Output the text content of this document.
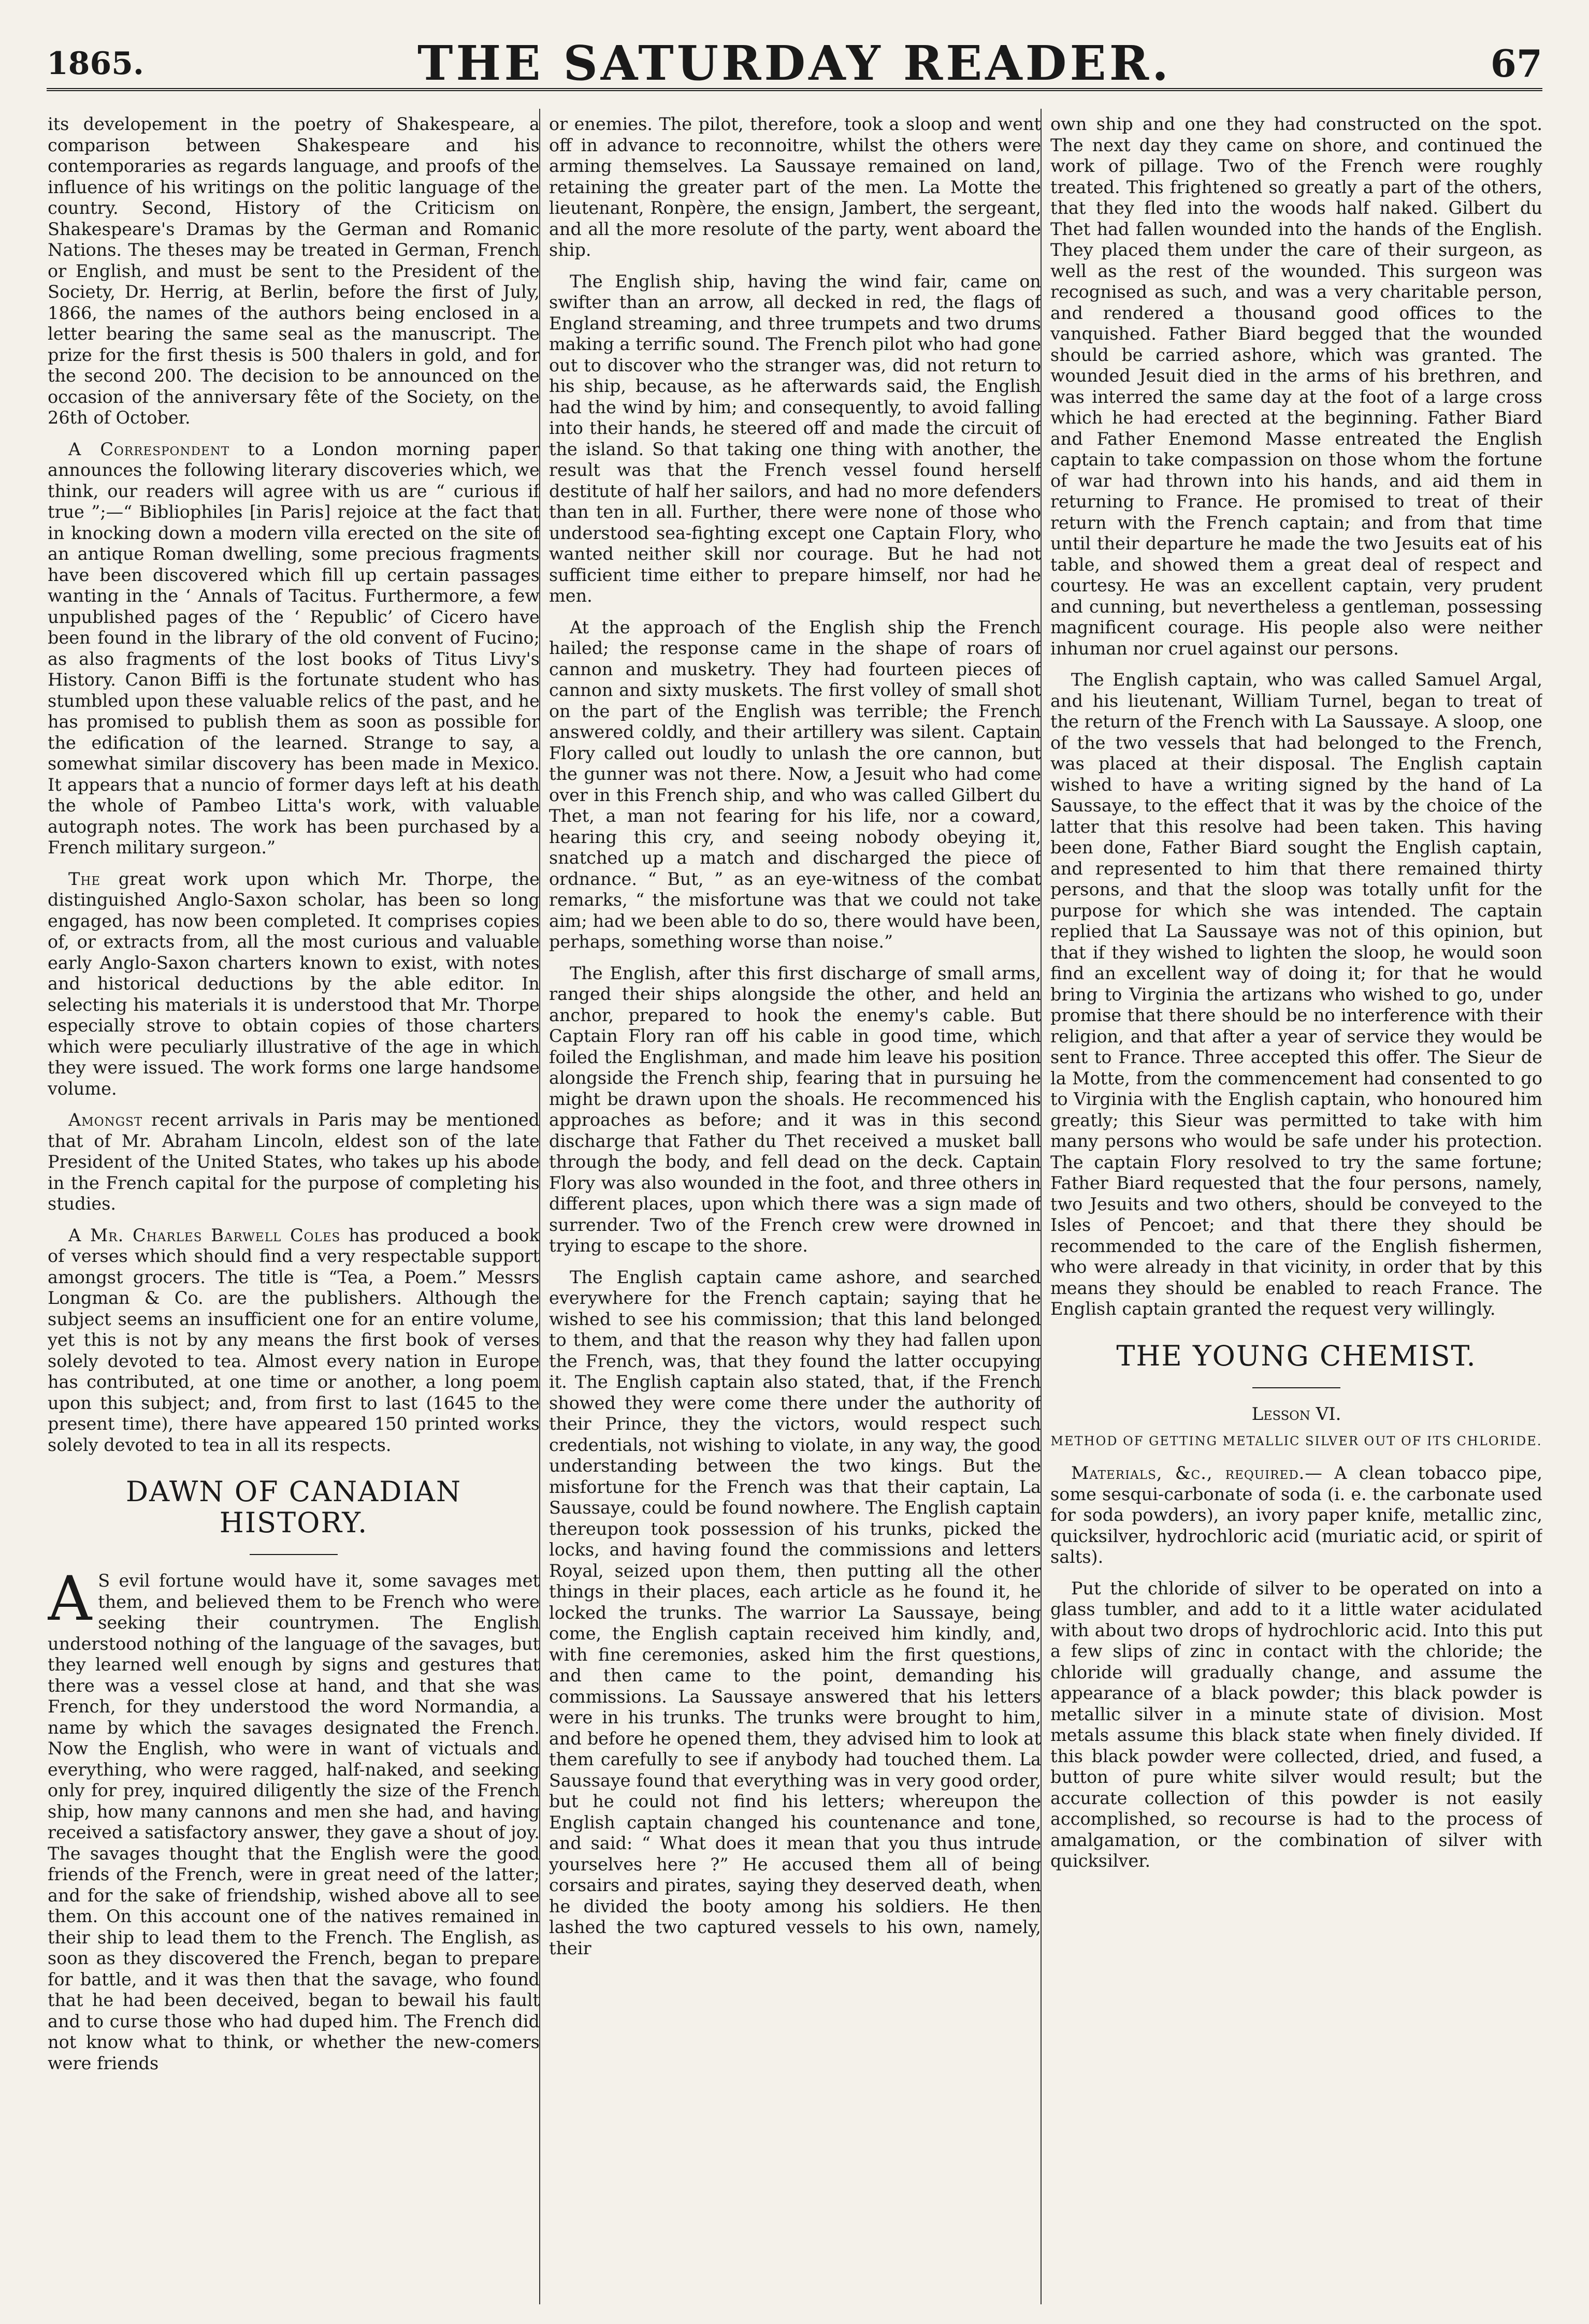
1865.	THE SATURDAY READER.	67

its developement in the poetry of Shakespeare, a comparison between Shakespeare and his contemporaries as regards language, and proofs of the influence of his writings on the politic language of the country. Second, History of the Criticism on Shakespeare's Dramas by the German and Romanic Nations. The theses may be treated in German, French or English, and must be sent to the President of the Society, Dr. Herrig, at Berlin, before the first of July, 1866, the names of the authors being enclosed in a letter bearing the same seal as the manuscript. The prize for the first thesis is 500 thalers in gold, and for the second 200. The decision to be announced on the occasion of the anniversary fête of the Society, on the 26th of October.

A Correspondent to a London morning paper announces the following literary discoveries which, we think, our readers will agree with us are “ curious if true ”;—“ Bibliophiles [in Paris] rejoice at the fact that in knocking down a modern villa erected on the site of an antique Roman dwelling, some precious fragments have been discovered which fill up certain passages wanting in the ‘ Annals of Tacitus. Furthermore, a few unpublished pages of the ‘ Republic’ of Cicero have been found in the library of the old convent of Fucino; as also fragments of the lost books of Titus Livy's History. Canon Biffi is the fortunate student who has stumbled upon these valuable relics of the past, and he has promised to publish them as soon as possible for the edification of the learned. Strange to say, a somewhat similar discovery has been made in Mexico. It appears that a nuncio of former days left at his death the whole of Pambeo Litta's work, with valuable autograph notes. The work has been purchased by a French military surgeon.”

The great work upon which Mr. Thorpe, the distinguished Anglo-Saxon scholar, has been so long engaged, has now been completed. It comprises copies of, or extracts from, all the most curious and valuable early Anglo-Saxon charters known to exist, with notes and historical deductions by the able editor. In selecting his materials it is understood that Mr. Thorpe especially strove to obtain copies of those charters which were peculiarly illustrative of the age in which they were issued. The work forms one large handsome volume.

Amongst recent arrivals in Paris may be mentioned that of Mr. Abraham Lincoln, eldest son of the late President of the United States, who takes up his abode in the French capital for the purpose of completing his studies.

A Mr. Charles Barwell Coles has produced a book of verses which should find a very respectable support amongst grocers. The title is “Tea, a Poem.” Messrs Longman & Co. are the publishers. Although the subject seems an insufficient one for an entire volume, yet this is not by any means the first book of verses solely devoted to tea. Almost every nation in Europe has contributed, at one time or another, a long poem upon this subject; and, from first to last (1645 to the present time), there have appeared 150 printed works solely devoted to tea in all its respects.

DAWN OF CANADIAN HISTORY.

A S evil fortune would have it, some savages met them, and believed them to be French who were seeking their countrymen. The English understood nothing of the language of the savages, but they learned well enough by signs and gestures that there was a vessel close at hand, and that she was French, for they understood the word Normandia, a name by which the savages designated the French. Now the English, who were in want of victuals and everything, who were ragged, half-naked, and seeking only for prey, inquired diligently the size of the French ship, how many cannons and men she had, and having received a satisfactory answer, they gave a shout of joy. The savages thought that the English were the good friends of the French, were in great need of the latter; and for the sake of friendship, wished above all to see them. On this account one of the natives remained in their ship to lead them to the French. The English, as soon as they discovered the French, began to prepare for battle, and it was then that the savage, who found that he had been deceived, began to bewail his fault and to curse those who had duped him. The French did not know what to think, or whether the new-comers were friends

or enemies. The pilot, therefore, took a sloop and went off in advance to reconnoitre, whilst the others were arming themselves. La Saussaye remained on land, retaining the greater part of the men. La Motte the lieutenant, Ronpère, the ensign, Jambert, the sergeant, and all the more resolute of the party, went aboard the ship.

The English ship, having the wind fair, came on swifter than an arrow, all decked in red, the flags of England streaming, and three trumpets and two drums making a terrific sound. The French pilot who had gone out to discover who the stranger was, did not return to his ship, because, as he afterwards said, the English had the wind by him; and consequently, to avoid falling into their hands, he steered off and made the circuit of the island. So that taking one thing with another, the result was that the French vessel found herself destitute of half her sailors, and had no more defenders than ten in all. Further, there were none of those who understood sea-fighting except one Captain Flory, who wanted neither skill nor courage. But he had not sufficient time either to prepare himself, nor had he men.

At the approach of the English ship the French hailed; the response came in the shape of roars of cannon and musketry. They had fourteen pieces of cannon and sixty muskets. The first volley of small shot on the part of the English was terrible; the French answered coldly, and their artillery was silent. Captain Flory called out loudly to unlash the ore cannon, but the gunner was not there. Now, a Jesuit who had come over in this French ship, and who was called Gilbert du Thet, a man not fearing for his life, nor a coward, hearing this cry, and seeing nobody obeying it, snatched up a match and discharged the piece of ordnance. “ But, ” as an eye-witness of the combat remarks, “ the misfortune was that we could not take aim; had we been able to do so, there would have been, perhaps, something worse than noise.”

The English, after this first discharge of small arms, ranged their ships alongside the other, and held an anchor, prepared to hook the enemy's cable. But Captain Flory ran off his cable in good time, which foiled the Englishman, and made him leave his position alongside the French ship, fearing that in pursuing he might be drawn upon the shoals. He recommenced his approaches as before; and it was in this second discharge that Father du Thet received a musket ball through the body, and fell dead on the deck. Captain Flory was also wounded in the foot, and three others in different places, upon which there was a sign made of surrender. Two of the French crew were drowned in trying to escape to the shore.

The English captain came ashore, and searched everywhere for the French captain; saying that he wished to see his commission; that this land belonged to them, and that the reason why they had fallen upon the French, was, that they found the latter occupying it. The English captain also stated, that, if the French showed they were come there under the authority of their Prince, they the victors, would respect such credentials, not wishing to violate, in any way, the good understanding between the two kings. But the misfortune for the French was that their captain, La Saussaye, could be found nowhere. The English captain thereupon took possession of his trunks, picked the locks, and having found the commissions and letters Royal, seized upon them, then putting all the other things in their places, each article as he found it, he locked the trunks. The warrior La Saussaye, being come, the English captain received him kindly, and, with fine ceremonies, asked him the first questions, and then came to the point, demanding his commissions. La Saussaye answered that his letters were in his trunks. The trunks were brought to him, and before he opened them, they advised him to look at them carefully to see if anybody had touched them. La Saussaye found that everything was in very good order, but he could not find his letters; whereupon the English captain changed his countenance and tone, and said: “ What does it mean that you thus intrude yourselves here ?” He accused them all of being corsairs and pirates, saying they deserved death, when he divided the booty among his soldiers. He then lashed the two captured vessels to his own, namely, their

own ship and one they had constructed on the spot. The next day they came on shore, and continued the work of pillage. Two of the French were roughly treated. This frightened so greatly a part of the others, that they fled into the woods half naked. Gilbert du Thet had fallen wounded into the hands of the English. They placed them under the care of their surgeon, as well as the rest of the wounded. This surgeon was recognised as such, and was a very charitable person, and rendered a thousand good offices to the vanquished. Father Biard begged that the wounded should be carried ashore, which was granted. The wounded Jesuit died in the arms of his brethren, and was interred the same day at the foot of a large cross which he had erected at the beginning. Father Biard and Father Enemond Masse entreated the English captain to take compassion on those whom the fortune of war had thrown into his hands, and aid them in returning to France. He promised to treat of their return with the French captain; and from that time until their departure he made the two Jesuits eat of his table, and showed them a great deal of respect and courtesy. He was an excellent captain, very prudent and cunning, but nevertheless a gentleman, possessing magnificent courage. His people also were neither inhuman nor cruel against our persons.

The English captain, who was called Samuel Argal, and his lieutenant, William Turnel, began to treat of the return of the French with La Saussaye. A sloop, one of the two vessels that had belonged to the French, was placed at their disposal. The English captain wished to have a writing signed by the hand of La Saussaye, to the effect that it was by the choice of the latter that this resolve had been taken. This having been done, Father Biard sought the English captain, and represented to him that there remained thirty persons, and that the sloop was totally unfit for the purpose for which she was intended. The captain replied that La Saussaye was not of this opinion, but that if they wished to lighten the sloop, he would soon find an excellent way of doing it; for that he would bring to Virginia the artizans who wished to go, under promise that there should be no interference with their religion, and that after a year of service they would be sent to France. Three accepted this offer. The Sieur de la Motte, from the commencement had consented to go to Virginia with the English captain, who honoured him greatly; this Sieur was permitted to take with him many persons who would be safe under his protection. The captain Flory resolved to try the same fortune; Father Biard requested that the four persons, namely, two Jesuits and two others, should be conveyed to the Isles of Pencoet; and that there they should be recommended to the care of the English fishermen, who were already in that vicinity, in order that by this means they should be enabled to reach France. The English captain granted the request very willingly.

THE YOUNG CHEMIST.
Lesson VI.
METHOD OF GETTING METALLIC SILVER OUT OF ITS CHLORIDE.

Materials, &c., required.— A clean tobacco pipe, some sesqui-carbonate of soda (i. e. the carbonate used for soda powders), an ivory paper knife, metallic zinc, quicksilver, hydrochloric acid (muriatic acid, or spirit of salts).

Put the chloride of silver to be operated on into a glass tumbler, and add to it a little water acidulated with about two drops of hydrochloric acid. Into this put a few slips of zinc in contact with the chloride; the chloride will gradually change, and assume the appearance of a black powder; this black powder is metallic silver in a minute state of division. Most metals assume this black state when finely divided. If this black powder were collected, dried, and fused, a button of pure white silver would result; but the accurate collection of this powder is not easily accomplished, so recourse is had to the process of amalgamation, or the combination of silver with quicksilver.
